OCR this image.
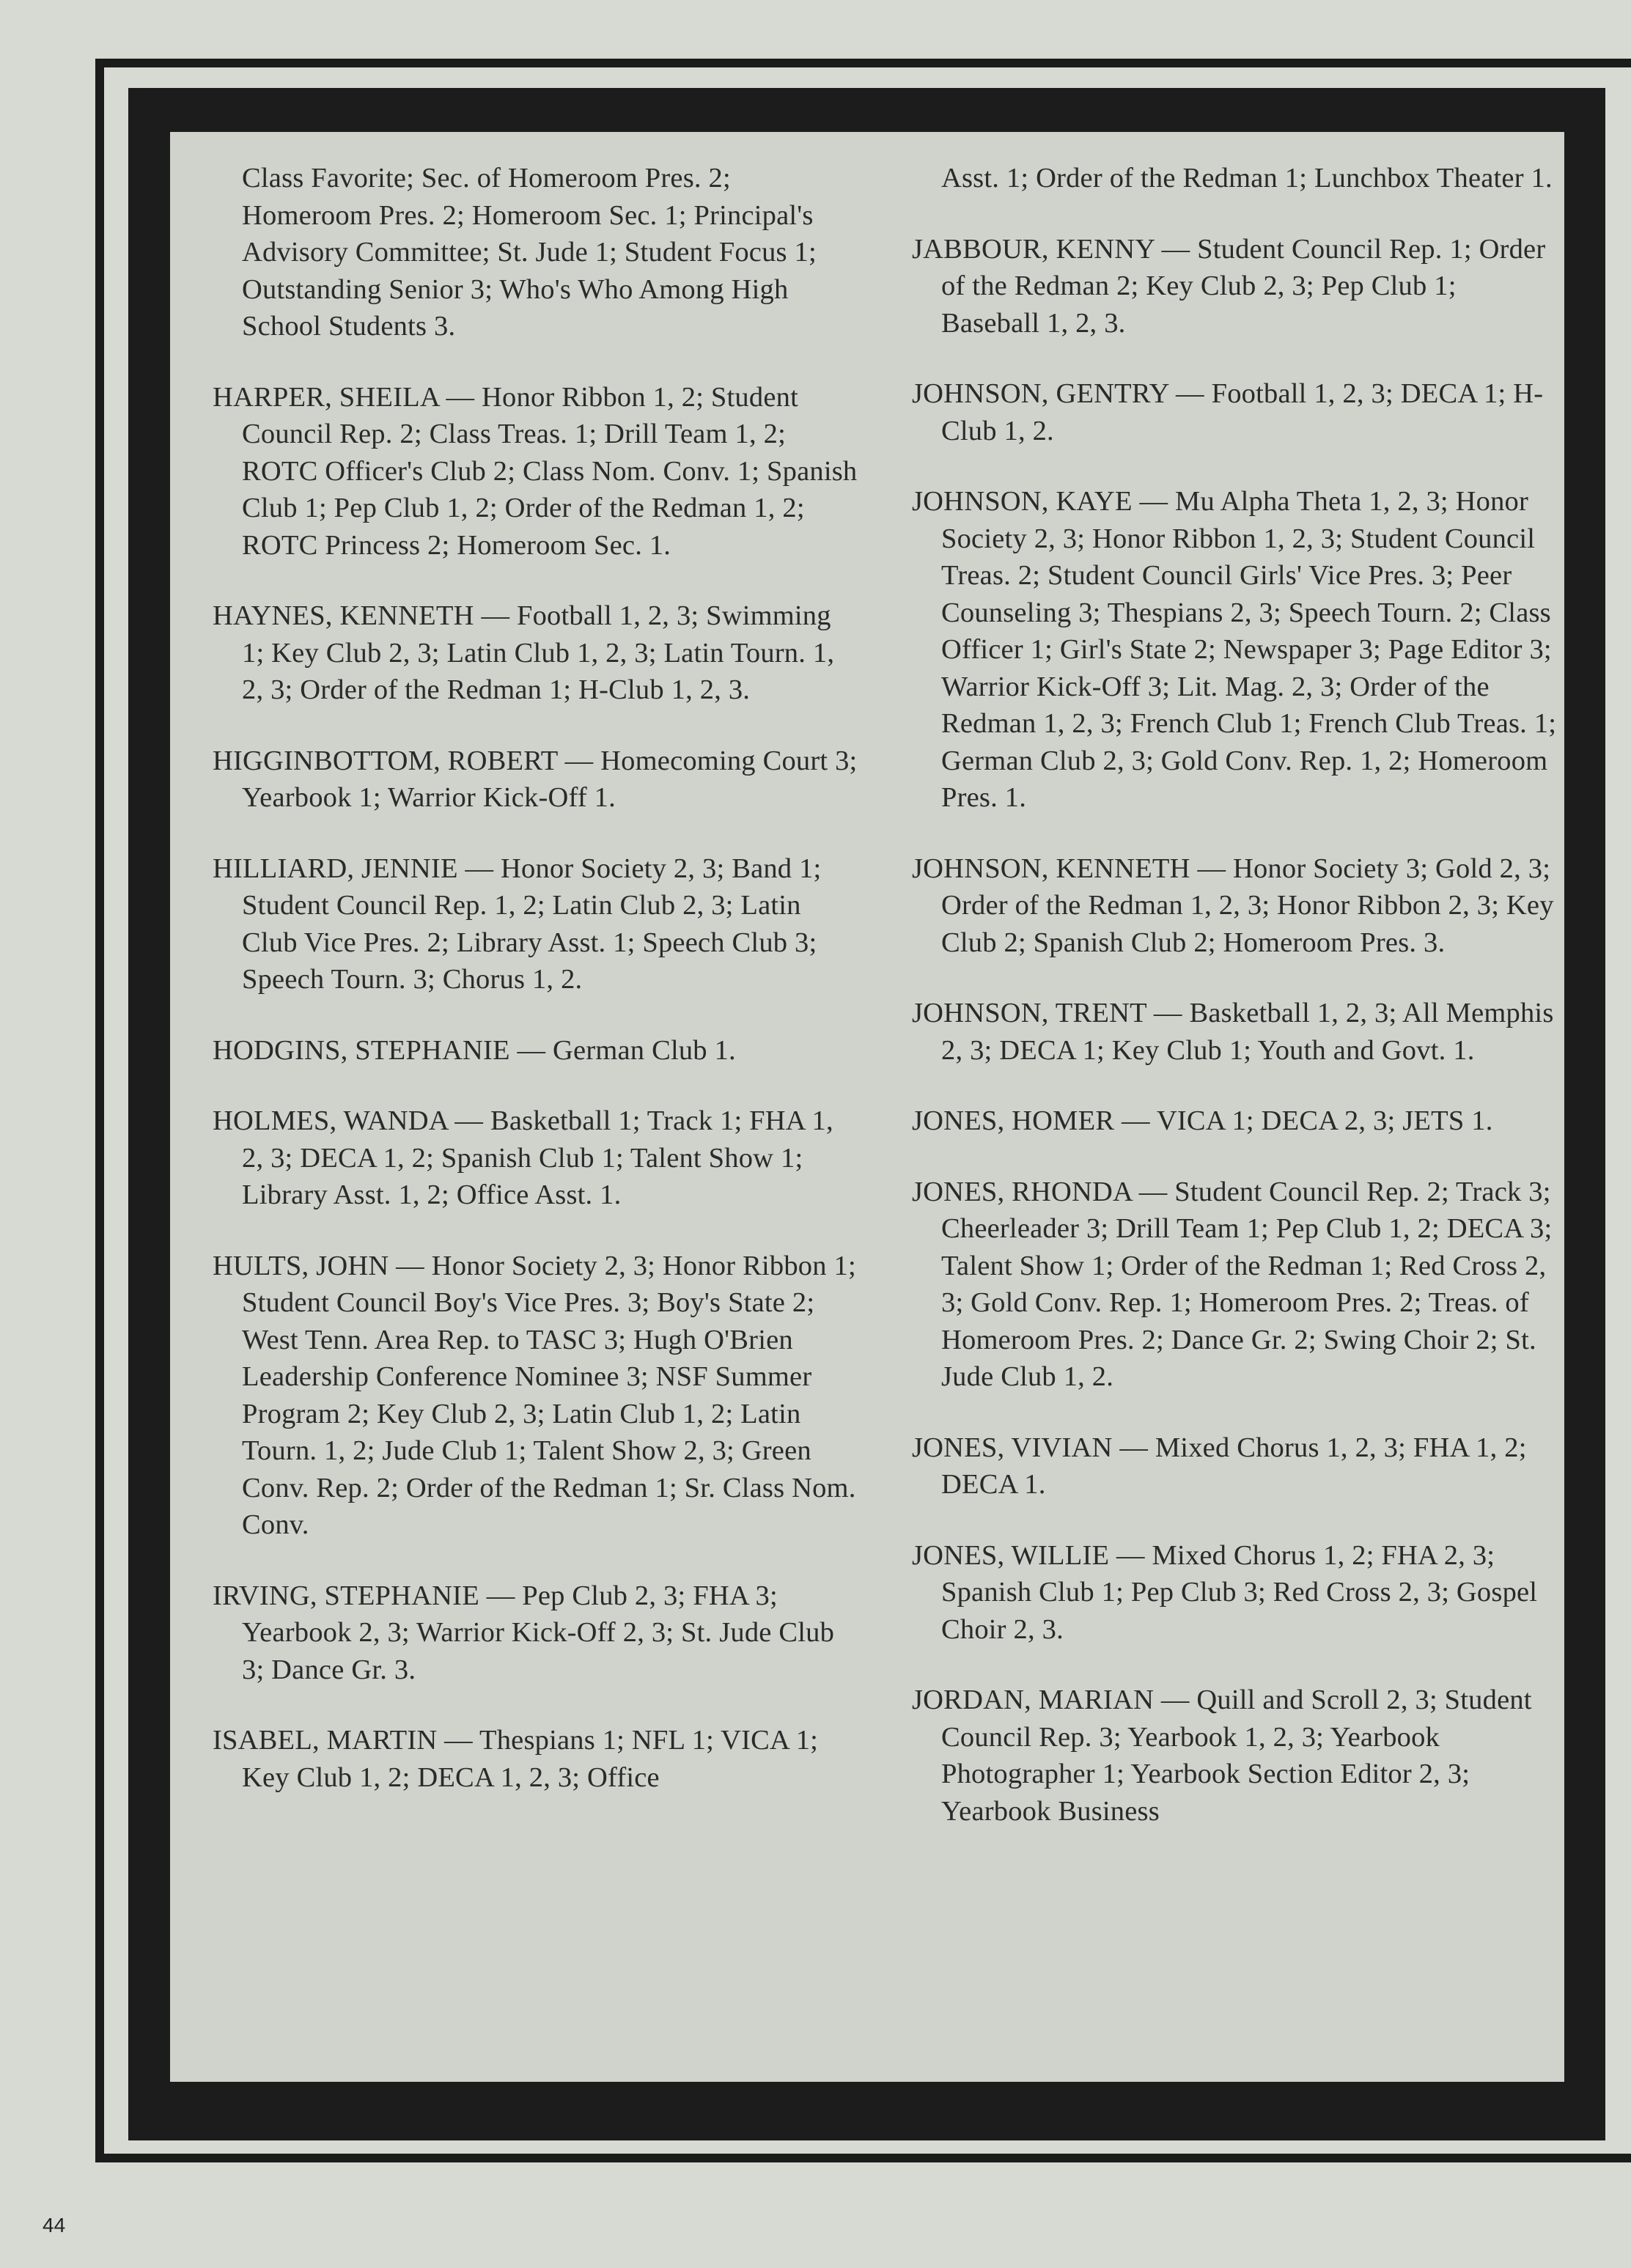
Class Favorite; Sec. of Homeroom Pres. 2; Homeroom Pres. 2; Homeroom Sec. 1; Principal's Advisory Committee; St. Jude 1; Student Focus 1; Outstanding Senior 3; Who's Who Among High School Students 3.

HARPER, SHEILA — Honor Ribbon 1, 2; Student Council Rep. 2; Class Treas. 1; Drill Team 1, 2; ROTC Officer's Club 2; Class Nom. Conv. 1; Spanish Club 1; Pep Club 1, 2; Order of the Redman 1, 2; ROTC Princess 2; Homeroom Sec. 1.

HAYNES, KENNETH — Football 1, 2, 3; Swimming 1; Key Club 2, 3; Latin Club 1, 2, 3; Latin Tourn. 1, 2, 3; Order of the Redman 1; H-Club 1, 2, 3.

HIGGINBOTTOM, ROBERT — Homecoming Court 3; Yearbook 1; Warrior Kick-Off 1.

HILLIARD, JENNIE — Honor Society 2, 3; Band 1; Student Council Rep. 1, 2; Latin Club 2, 3; Latin Club Vice Pres. 2; Library Asst. 1; Speech Club 3; Speech Tourn. 3; Chorus 1, 2.

HODGINS, STEPHANIE — German Club 1.

HOLMES, WANDA — Basketball 1; Track 1; FHA 1, 2, 3; DECA 1, 2; Spanish Club 1; Talent Show 1; Library Asst. 1, 2; Office Asst. 1.

HULTS, JOHN — Honor Society 2, 3; Honor Ribbon 1; Student Council Boy's Vice Pres. 3; Boy's State 2; West Tenn. Area Rep. to TASC 3; Hugh O'Brien Leadership Conference Nominee 3; NSF Summer Program 2; Key Club 2, 3; Latin Club 1, 2; Latin Tourn. 1, 2; Jude Club 1; Talent Show 2, 3; Green Conv. Rep. 2; Order of the Redman 1; Sr. Class Nom. Conv.

IRVING, STEPHANIE — Pep Club 2, 3; FHA 3; Yearbook 2, 3; Warrior Kick-Off 2, 3; St. Jude Club 3; Dance Gr. 3.

ISABEL, MARTIN — Thespians 1; NFL 1; VICA 1; Key Club 1, 2; DECA 1, 2, 3; Office

Asst. 1; Order of the Redman 1; Lunchbox Theater 1.

JABBOUR, KENNY — Student Council Rep. 1; Order of the Redman 2; Key Club 2, 3; Pep Club 1; Baseball 1, 2, 3.

JOHNSON, GENTRY — Football 1, 2, 3; DECA 1; H-Club 1, 2.

JOHNSON, KAYE — Mu Alpha Theta 1, 2, 3; Honor Society 2, 3; Honor Ribbon 1, 2, 3; Student Council Treas. 2; Student Council Girls' Vice Pres. 3; Peer Counseling 3; Thespians 2, 3; Speech Tourn. 2; Class Officer 1; Girl's State 2; Newspaper 3; Page Editor 3; Warrior Kick-Off 3; Lit. Mag. 2, 3; Order of the Redman 1, 2, 3; French Club 1; French Club Treas. 1; German Club 2, 3; Gold Conv. Rep. 1, 2; Homeroom Pres. 1.

JOHNSON, KENNETH — Honor Society 3; Gold 2, 3; Order of the Redman 1, 2, 3; Honor Ribbon 2, 3; Key Club 2; Spanish Club 2; Homeroom Pres. 3.

JOHNSON, TRENT — Basketball 1, 2, 3; All Memphis 2, 3; DECA 1; Key Club 1; Youth and Govt. 1.

JONES, HOMER — VICA 1; DECA 2, 3; JETS 1.

JONES, RHONDA — Student Council Rep. 2; Track 3; Cheerleader 3; Drill Team 1; Pep Club 1, 2; DECA 3; Talent Show 1; Order of the Redman 1; Red Cross 2, 3; Gold Conv. Rep. 1; Homeroom Pres. 2; Treas. of Homeroom Pres. 2; Dance Gr. 2; Swing Choir 2; St. Jude Club 1, 2.

JONES, VIVIAN — Mixed Chorus 1, 2, 3; FHA 1, 2; DECA 1.

JONES, WILLIE — Mixed Chorus 1, 2; FHA 2, 3; Spanish Club 1; Pep Club 3; Red Cross 2, 3; Gospel Choir 2, 3.

JORDAN, MARIAN — Quill and Scroll 2, 3; Student Council Rep. 3; Yearbook 1, 2, 3; Yearbook Photographer 1; Yearbook Section Editor 2, 3; Yearbook Business

44
